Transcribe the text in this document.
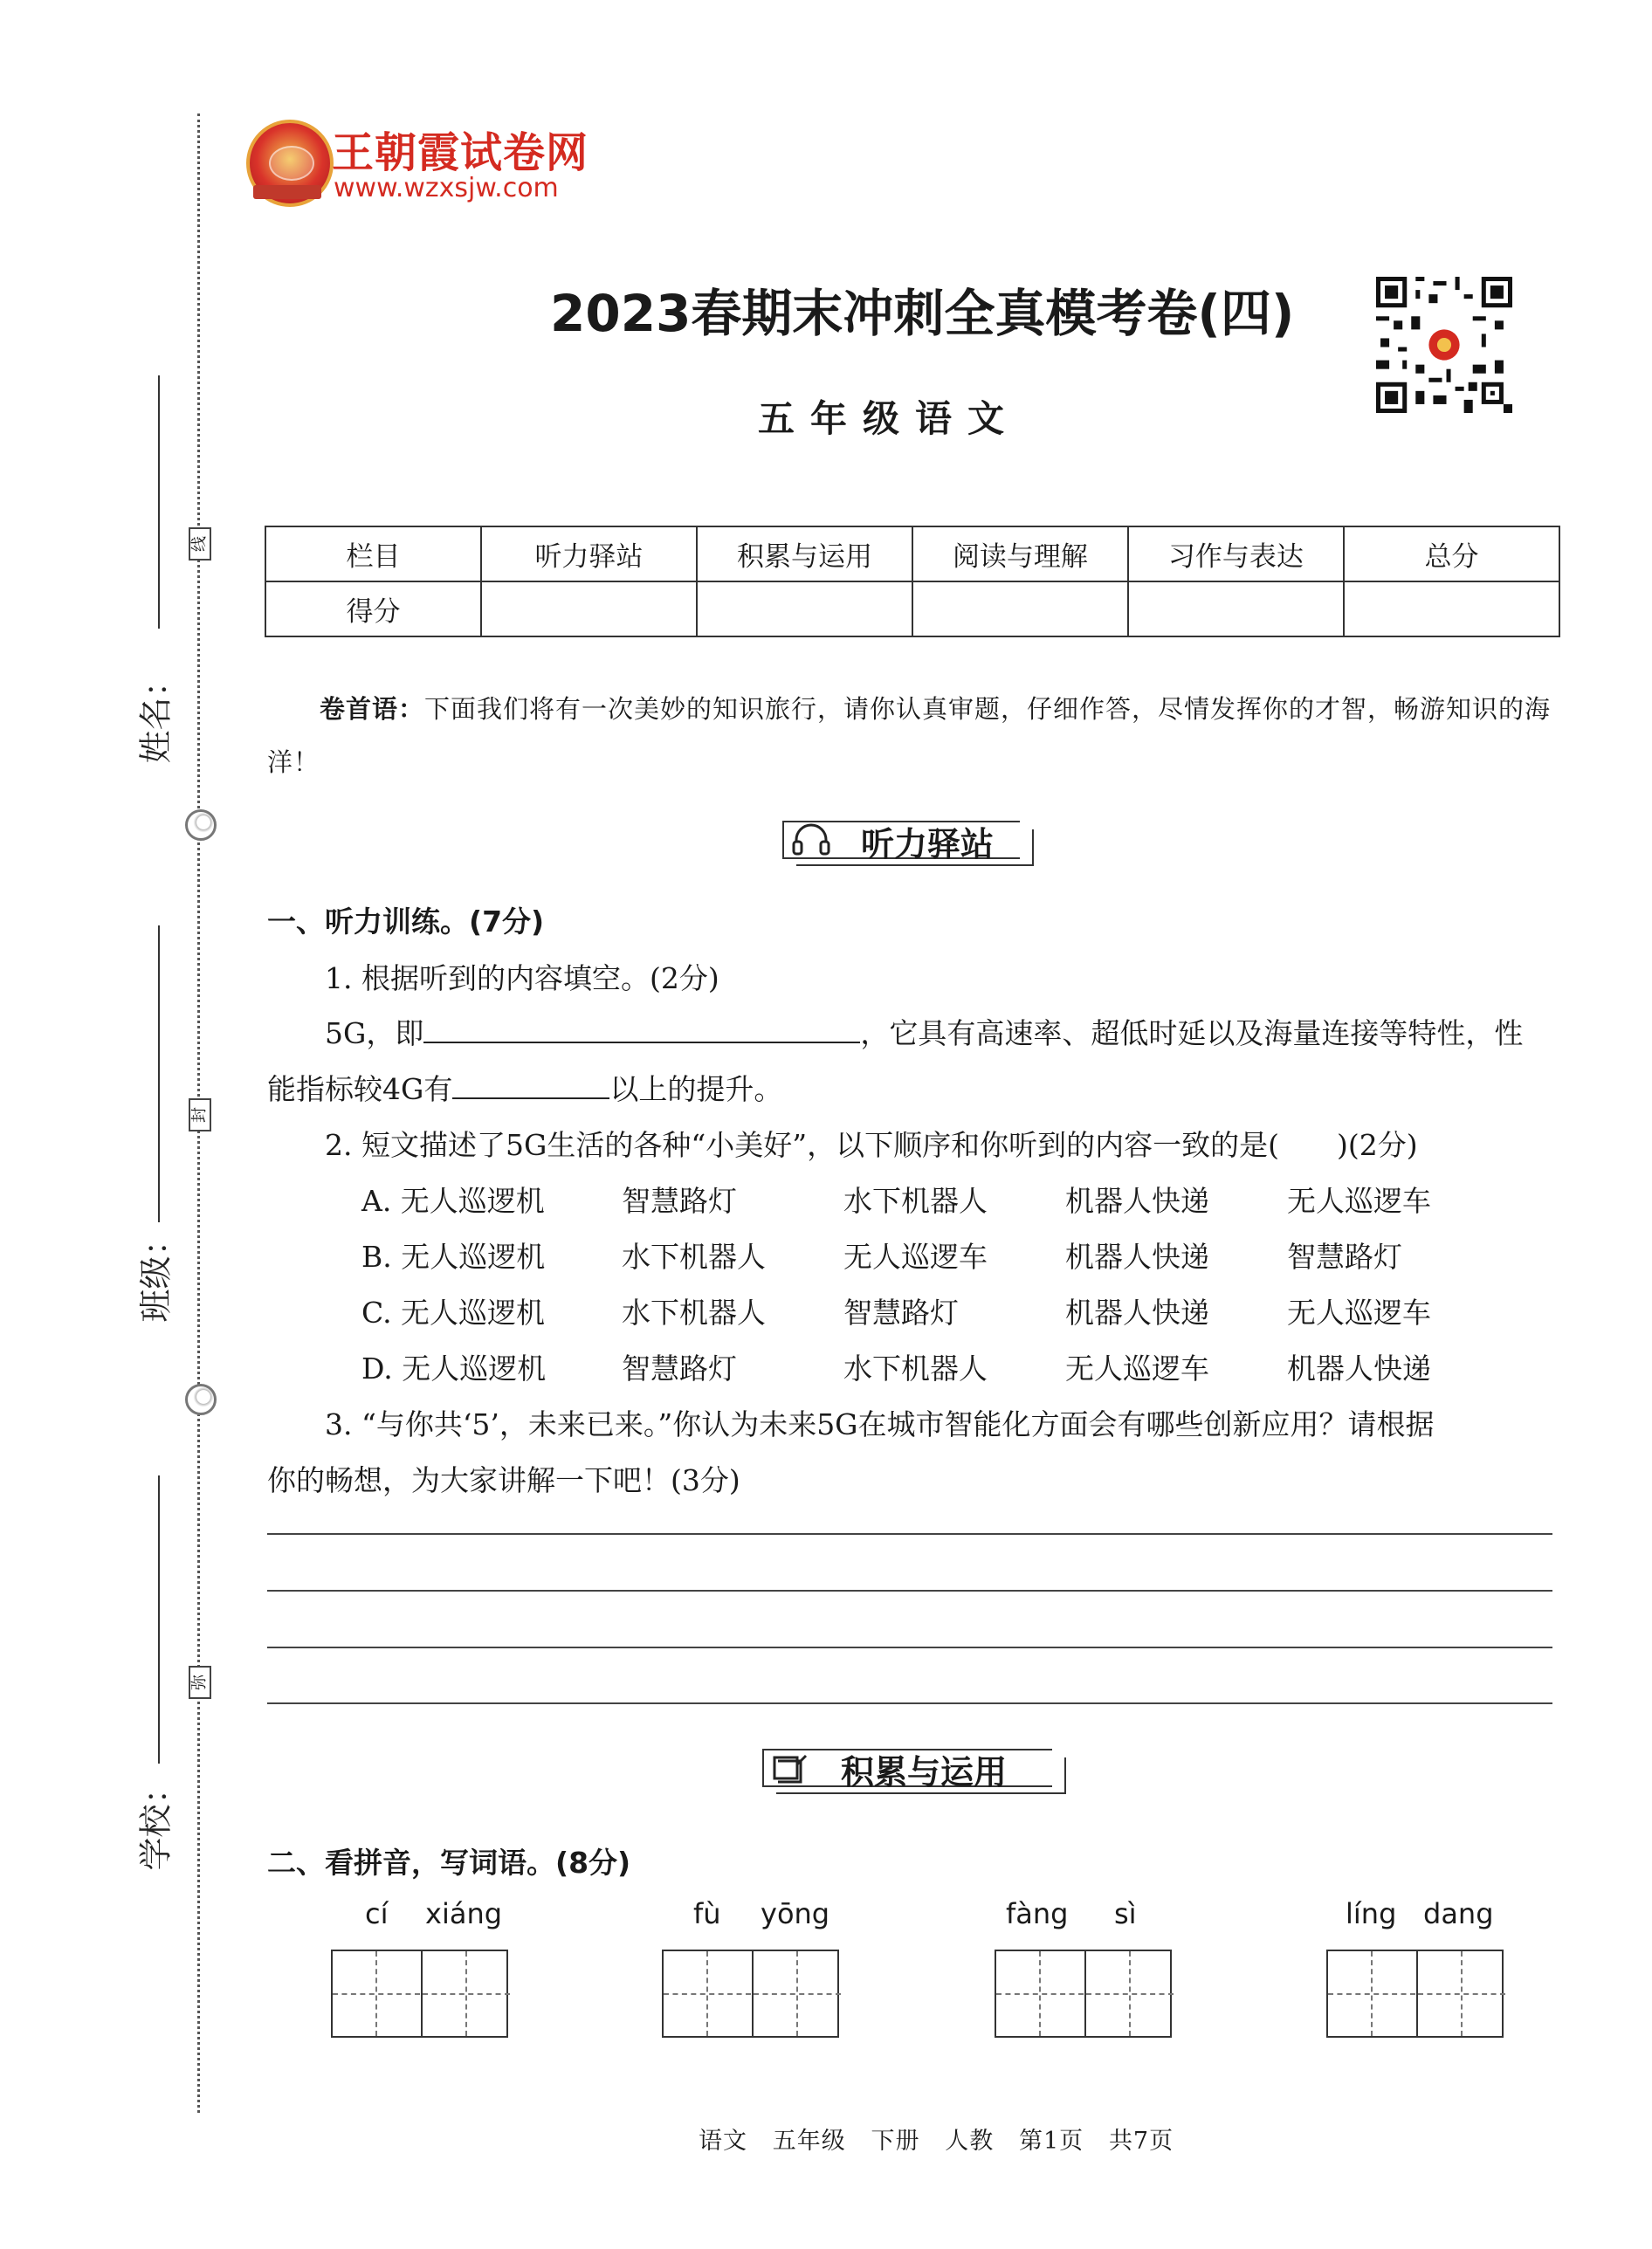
线
封
弥
姓名：
班级：
学校：
王朝霞试卷网
www.wzxsjw.com
2023春期末冲刺全真模考卷(四)
五年级语文
栏目	听力驿站	积累与运用	阅读与理解	习作与表达	总分
得分					
卷首语：下面我们将有一次美妙的知识旅行，请你认真审题，仔细作答，尽情发挥你的才智，畅游知识的海洋！
听力驿站
一、听力训练。(7分)
1. 根据听到的内容填空。(2分)
5G，即	，它具有高速率、超低时延以及海量连接等特性，性
能指标较4G有	以上的提升。
2. 短文描述了5G生活的各种“小美好”，以下顺序和你听到的内容一致的是(　　)(2分)
A. 无人巡逻机	智慧路灯	水下机器人	机器人快递	无人巡逻车
B. 无人巡逻机	水下机器人	无人巡逻车	机器人快递	智慧路灯
C. 无人巡逻机	水下机器人	智慧路灯	机器人快递	无人巡逻车
D. 无人巡逻机	智慧路灯	水下机器人	无人巡逻车	机器人快递
3. “与你共‘5’，未来已来。”你认为未来5G在城市智能化方面会有哪些创新应用？请根据
你的畅想，为大家讲解一下吧！(3分)
积累与运用
二、看拼音，写词语。(8分)
cí xiáng	fù yōng	fàng sì	líng dang
语文 五年级 下册 人教 第1页 共7页
